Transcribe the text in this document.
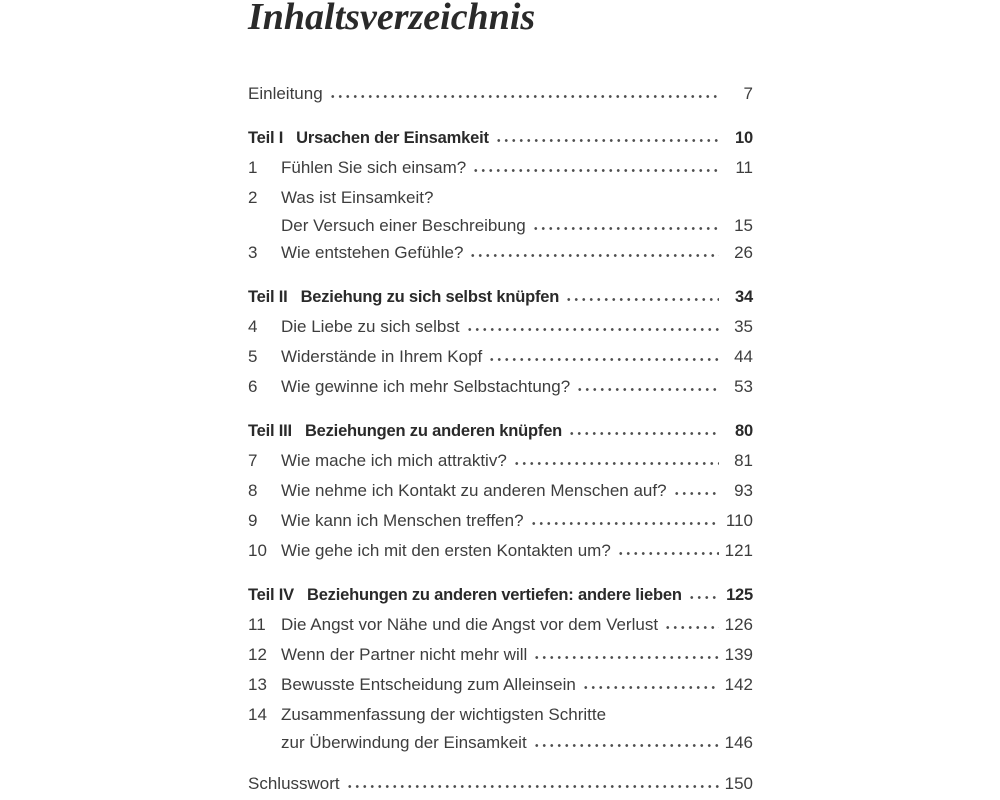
Inhaltsverzeichnis
Einleitung	7
Teil I Ursachen der Einsamkeit	10
1	Fühlen Sie sich einsam?	11
2	Was ist Einsamkeit?
Der Versuch einer Beschreibung	15
3	Wie entstehen Gefühle?	26
Teil II Beziehung zu sich selbst knüpfen	34
4	Die Liebe zu sich selbst	35
5	Widerstände in Ihrem Kopf	44
6	Wie gewinne ich mehr Selbstachtung?	53
Teil III Beziehungen zu anderen knüpfen	80
7	Wie mache ich mich attraktiv?	81
8	Wie nehme ich Kontakt zu anderen Menschen auf?	93
9	Wie kann ich Menschen treffen?	110
10 Wie gehe ich mit den ersten Kontakten um?	121
Teil IV Beziehungen zu anderen vertiefen: andere lieben	125
11 Die Angst vor Nähe und die Angst vor dem Verlust	126
12 Wenn der Partner nicht mehr will	139
13 Bewusste Entscheidung zum Alleinsein	142
14 Zusammenfassung der wichtigsten Schritte
zur Überwindung der Einsamkeit	146
Schlusswort	150
